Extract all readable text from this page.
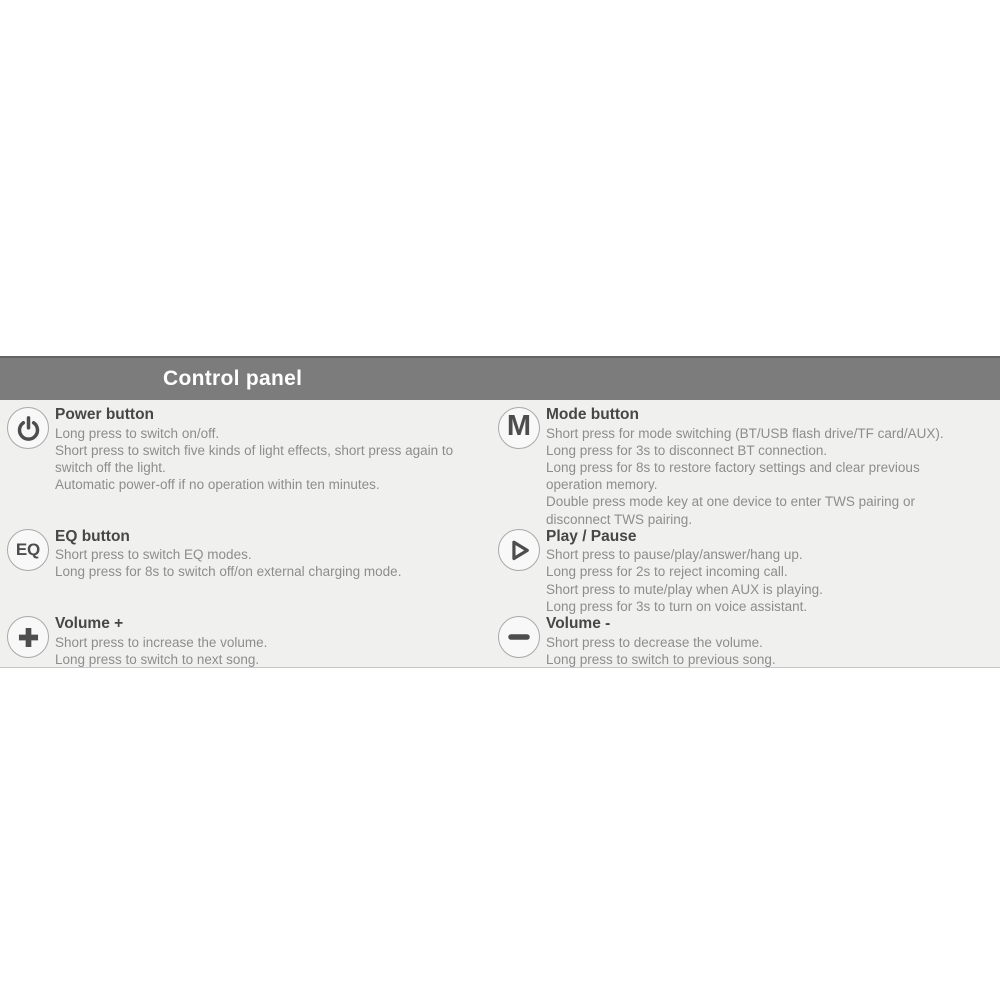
Control panel
Power button
Long press to switch on/off.
Short press to switch five kinds of light effects, short press again to
switch off the light.
Automatic power-off if no operation within ten minutes.
M Mode button
Short press for mode switching (BT/USB flash drive/TF card/AUX).
Long press for 3s to disconnect BT connection.
Long press for 8s to restore factory settings and clear previous
operation memory.
Double press mode key at one device to enter TWS pairing or
disconnect TWS pairing.
EQ
EQ button
Short press to switch EQ modes.
Long press for 8s to switch off/on external charging mode.
Play / Pause
Short press to pause/play/answer/hang up.
Long press for 2s to reject incoming call.
Short press to mute/play when AUX is playing.
Long press for 3s to turn on voice assistant.
Volume +
Short press to increase the volume.
Long press to switch to next song.
Volume -
Short press to decrease the volume.
Long press to switch to previous song.
